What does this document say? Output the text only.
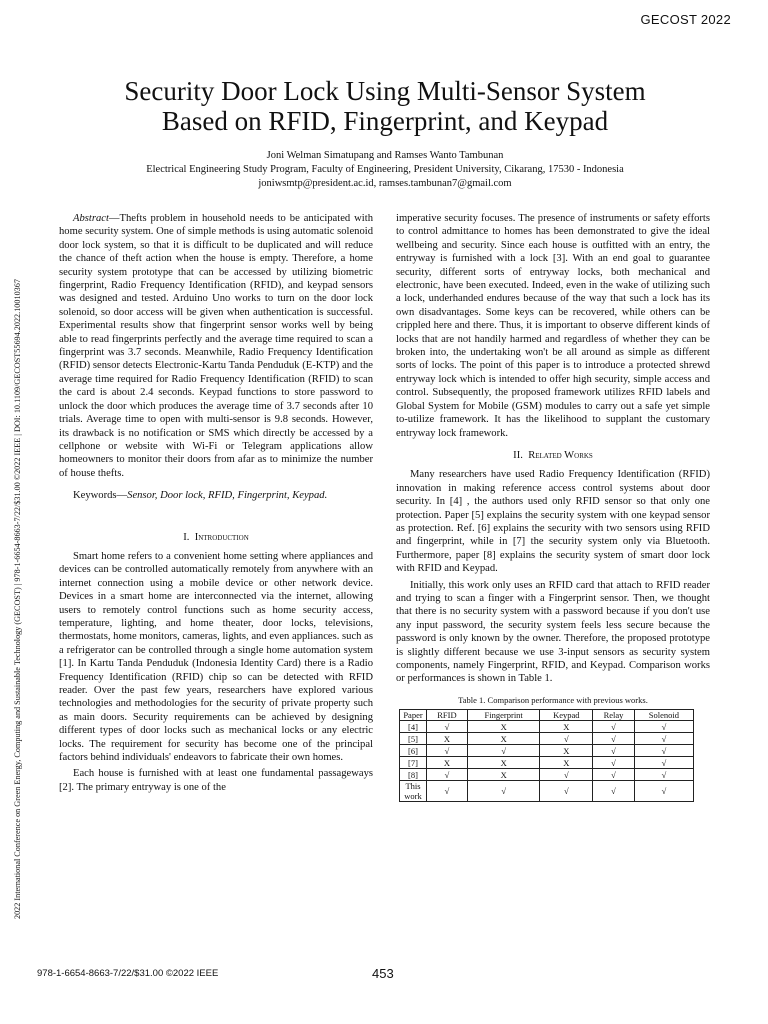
GECOST 2022
2022 International Conference on Green Energy, Computing and Sustainable Technology (GECOST) | 978-1-6654-8663-7/22/$31.00 ©2022 IEEE | DOI: 10.1109/GECOST55694.2022.10010367
Security Door Lock Using Multi-Sensor System
Based on RFID, Fingerprint, and Keypad
Joni Welman Simatupang and Ramses Wanto Tambunan
Electrical Engineering Study Program, Faculty of Engineering, President University, Cikarang, 17530 - Indonesia
joniwsmtp@president.ac.id, ramses.tambunan7@gmail.com

Abstract—Thefts problem in household needs to be anticipated with home security system. One of simple methods is using automatic solenoid door lock system, so that it is difficult to be duplicated and will reduce the chance of theft action when the house is empty. Therefore, a home security system prototype that can be accessed by utilizing biometric fingerprint, Radio Frequency Identification (RFID), and keypad sensors was designed and tested. Arduino Uno works to turn on the door lock solenoid, so door access will be given when authentication is successful. Experimental results show that fingerprint sensor works well by being able to read fingerprints perfectly and the average time required to scan a fingerprint was 3.7 seconds. Meanwhile, Radio Frequency Identification (RFID) sensor detects Electronic-Kartu Tanda Penduduk (E-KTP) and the average time required for Radio Frequency Identification (RFID) to scan the card is about 2.4 seconds. Keypad functions to store password to unlock the door which produces the average time of 3.7 seconds after 10 trials. Average time to open with multi-sensor is 9.8 seconds. However, its drawback is no notification or SMS which directly be accessed by a cellphone or website with Wi-Fi or Telegram applications allow homeowners to monitor their doors from afar as to minimize the number of house thefts.

Keywords—Sensor, Door lock, RFID, Fingerprint, Keypad.

I. Introduction

Smart home refers to a convenient home setting where appliances and devices can be controlled automatically remotely from anywhere with an internet connection using a mobile device or other network device. Devices in a smart home are interconnected via the internet, allowing users to remotely control functions such as home security access, temperature, lighting, and home theater, door locks, televisions, thermostats, home monitors, cameras, lights, and even appliances. such as a refrigerator can be controlled through a single home automation system [1]. In Kartu Tanda Penduduk (Indonesia Identity Card) there is a Radio Frequency Identification (RFID) chip so can be detected with RFID reader. Over the past few years, researchers have explored various technologies and methodologies for the security of private property such as main doors. Security requirements can be achieved by designing different types of door locks such as mechanical locks or any electric locks. The requirement for security has become one of the principal factors behind individuals' endeavors to fabricate their own homes.

Each house is furnished with at least one fundamental passageways [2]. The primary entryway is one of the

imperative security focuses. The presence of instruments or safety efforts to control admittance to homes has been demonstrated to give the ideal wellbeing and security. Since each house is outfitted with an entry, the entryway is furnished with a lock [3]. With an end goal to guarantee security, different sorts of entryway locks, both mechanical and electronic, have been executed. Indeed, even in the wake of utilizing such a lock, underhanded endures because of the way that such a lock has its own disadvantages. Some keys can be recovered, while others can be crippled here and there. Thus, it is important to observe different kinds of locks that are not handily harmed and regardless of whether they can be broken into, the undertaking won't be all around as simple as different sorts of locks. The point of this paper is to introduce a protected shrewd entryway lock which is intended to offer high security, simple access and control. Subsequently, the proposed framework utilizes RFID labels and Global System for Mobile (GSM) modules to carry out a safe yet simple to-utilize framework. It has the likelihood to supplant the customary entryway lock framework.

II. Related Works

Many researchers have used Radio Frequency Identification (RFID) innovation in making reference access control systems about door security. In [4] , the authors used only RFID sensor so that only one protection. Paper [5] explains the security system with one keypad sensor as protection. Ref. [6] explains the security with two sensors using RFID and fingerprint, while in [7] the security system only via Bluetooth. Furthermore, paper [8] explains the security system of smart door lock with RFID and Keypad.

Initially, this work only uses an RFID card that attach to RFID reader and trying to scan a finger with a Fingerprint sensor. Then, we thought that there is no security system with a password because if you don't use any input password, the security system feels less secure because the password is only known by the owner. Therefore, the proposed prototype is slightly different because we use 3-input sensors as security system components, namely Fingerprint, RFID, and Keypad. Comparison works or performances is shown in Table 1.

Table 1. Comparison performance with previous works.
Paper	RFID	Fingerprint	Keypad	Relay	Solenoid
[4]	√	X	X	√	√
[5]	X	X	√	√	√
[6]	√	√	X	√	√
[7]	X	X	X	√	√
[8]	√	X	√	√	√
This work	√	√	√	√	√
978-1-6654-8663-7/22/$31.00 ©2022 IEEE	453
